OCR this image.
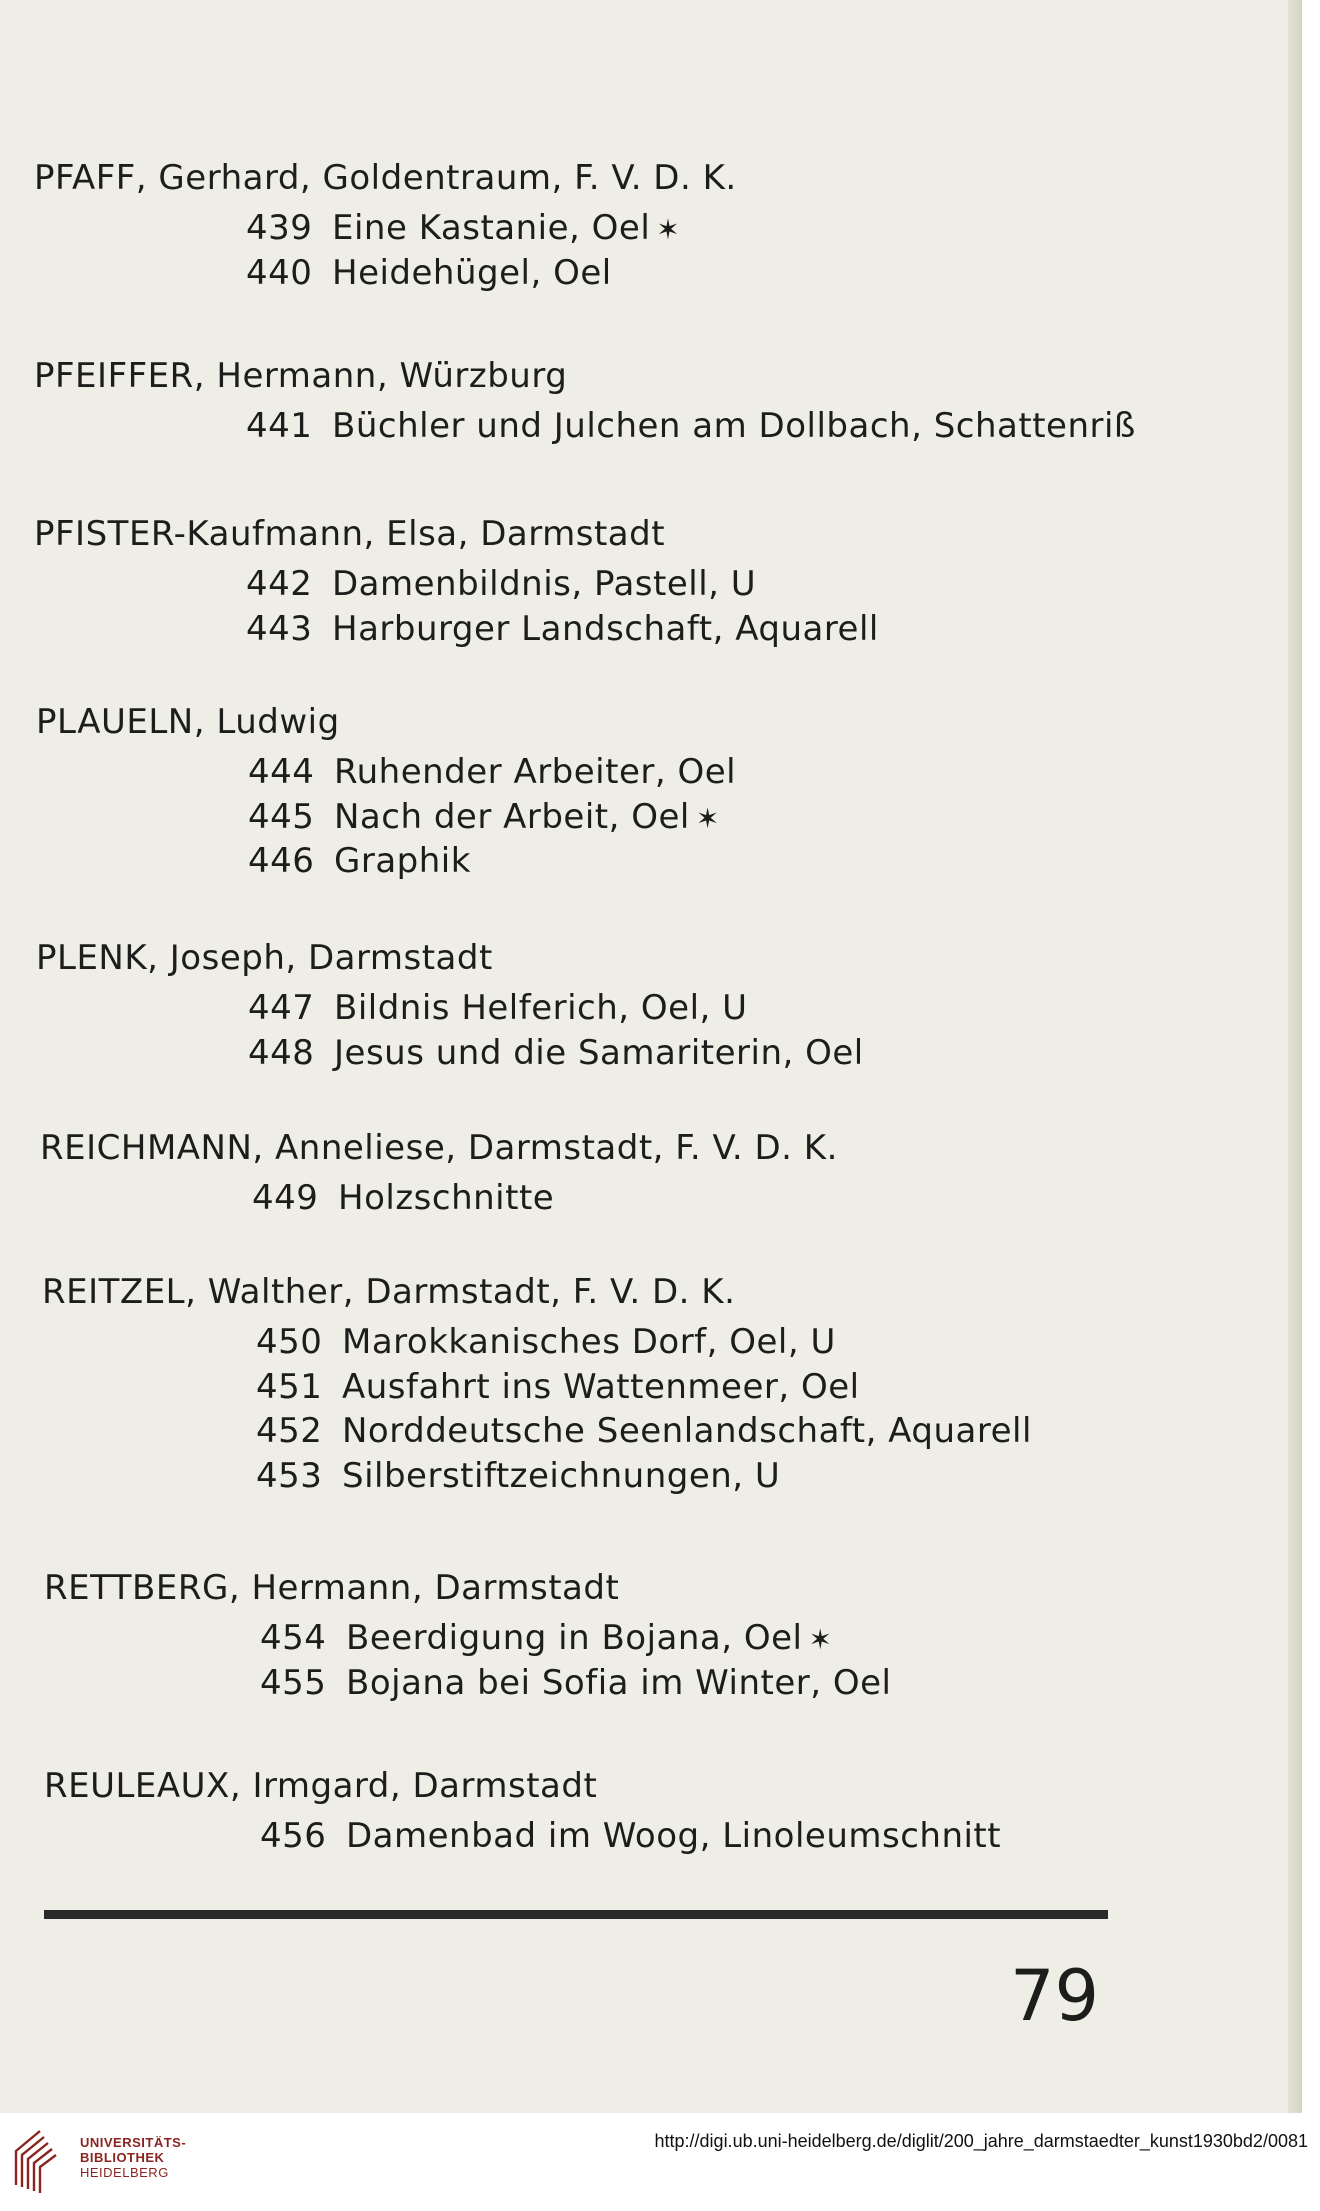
PFAFF, Gerhard, Goldentraum, F. V. D. K.
439 Eine Kastanie, Oel ✶
440 Heidehügel, Oel
PFEIFFER, Hermann, Würzburg
441 Büchler und Julchen am Dollbach, Schattenriß
PFISTER-Kaufmann, Elsa, Darmstadt
442 Damenbildnis, Pastell, U
443 Harburger Landschaft, Aquarell
PLAUELN, Ludwig
444 Ruhender Arbeiter, Oel
445 Nach der Arbeit, Oel ✶
446 Graphik
PLENK, Joseph, Darmstadt
447 Bildnis Helferich, Oel, U
448 Jesus und die Samariterin, Oel
REICHMANN, Anneliese, Darmstadt, F. V. D. K.
449 Holzschnitte
REITZEL, Walther, Darmstadt, F. V. D. K.
450 Marokkanisches Dorf, Oel, U
451 Ausfahrt ins Wattenmeer, Oel
452 Norddeutsche Seenlandschaft, Aquarell
453 Silberstiftzeichnungen, U
RETTBERG, Hermann, Darmstadt
454 Beerdigung in Bojana, Oel ✶
455 Bojana bei Sofia im Winter, Oel
REULEAUX, Irmgard, Darmstadt
456 Damenbad im Woog, Linoleumschnitt
79
UNIVERSITÄTS-
BIBLIOTHEK
HEIDELBERG
http://digi.ub.uni-heidelberg.de/diglit/200_jahre_darmstaedter_kunst1930bd2/0081
